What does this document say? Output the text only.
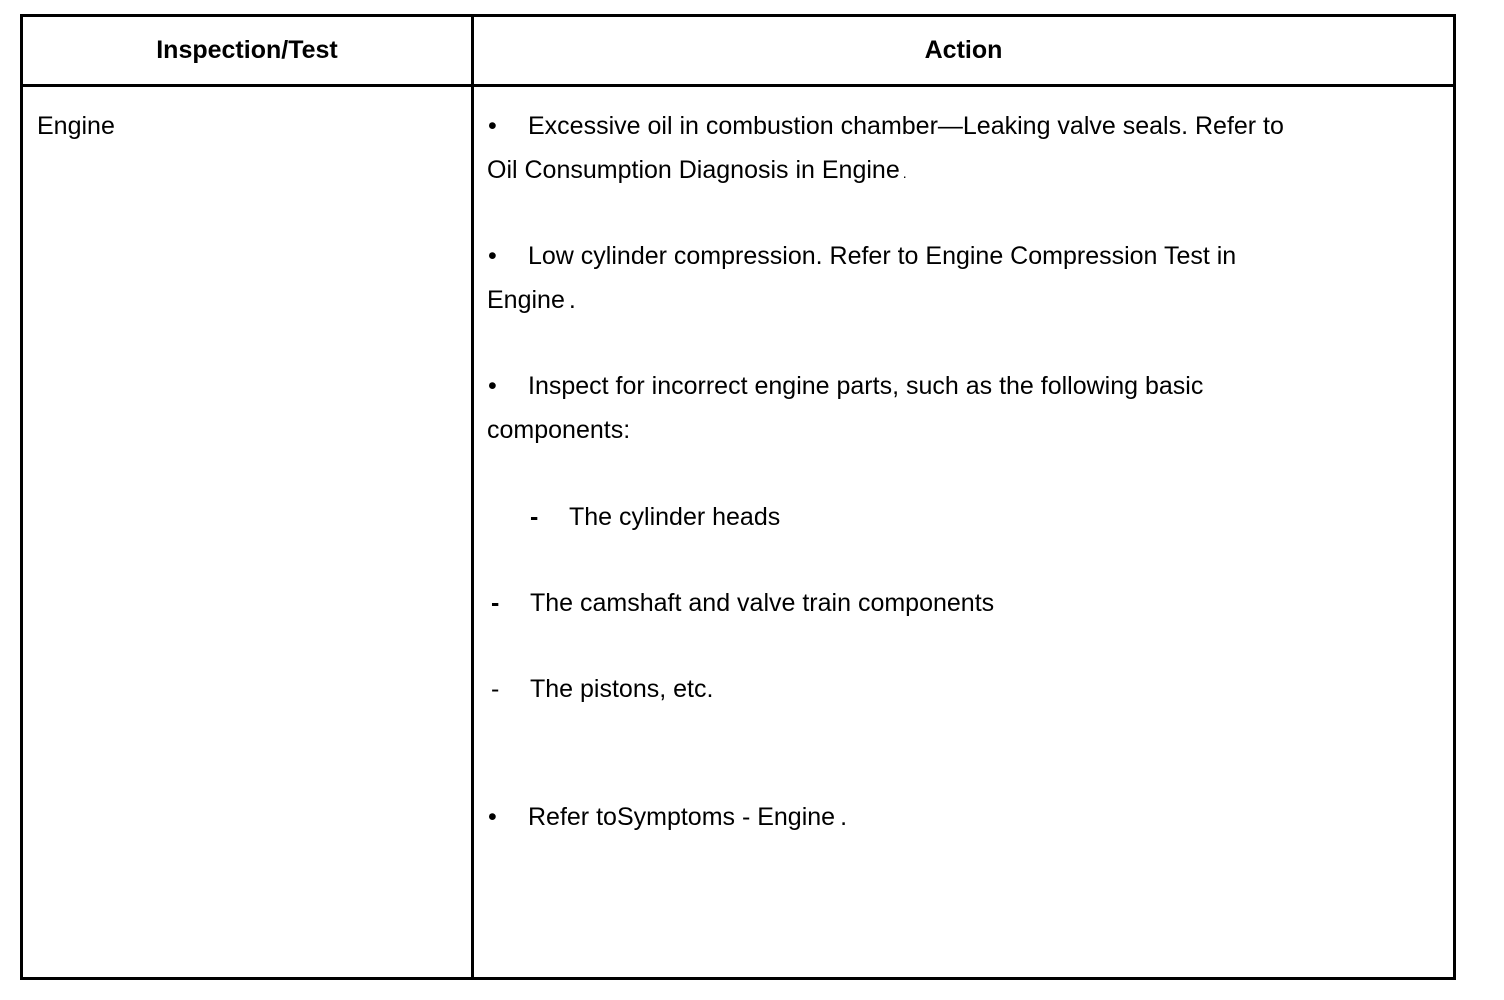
Inspection/Test	Action
Engine	• Excessive oil in combustion chamber—Leaking valve seals. Refer to
Oil Consumption Diagnosis in Engine .
• Low cylinder compression. Refer to Engine Compression Test in
Engine .
• Inspect for incorrect engine parts, such as the following basic
components:
- The cylinder heads
- The camshaft and valve train components
- The pistons, etc.
• Refer toSymptoms - Engine .
